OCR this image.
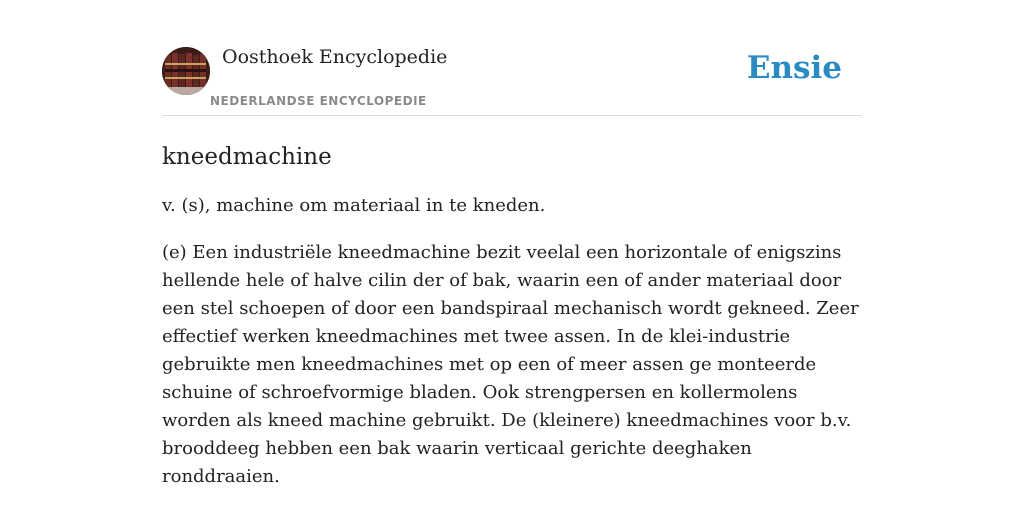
Oosthoek Encyclopedie
NEDERLANDSE ENCYCLOPEDIE
Ensie
kneedmachine

v. (s), machine om materiaal in te kneden.

(e) Een industriële kneedmachine bezit veelal een horizontale of enigszins hellende hele of halve cilin der of bak, waarin een of ander materiaal door een stel schoepen of door een bandspiraal mechanisch wordt gekneed. Zeer effectief werken kneedmachines met twee assen. In de klei-industrie gebruikte men kneedmachines met op een of meer assen ge monteerde schuine of schroefvormige bladen. Ook strengpersen en kollermolens worden als kneed machine gebruikt. De (kleinere) kneedmachines voor b.v. brooddeeg hebben een bak waarin verticaal gerichte deeghaken ronddraaien.
